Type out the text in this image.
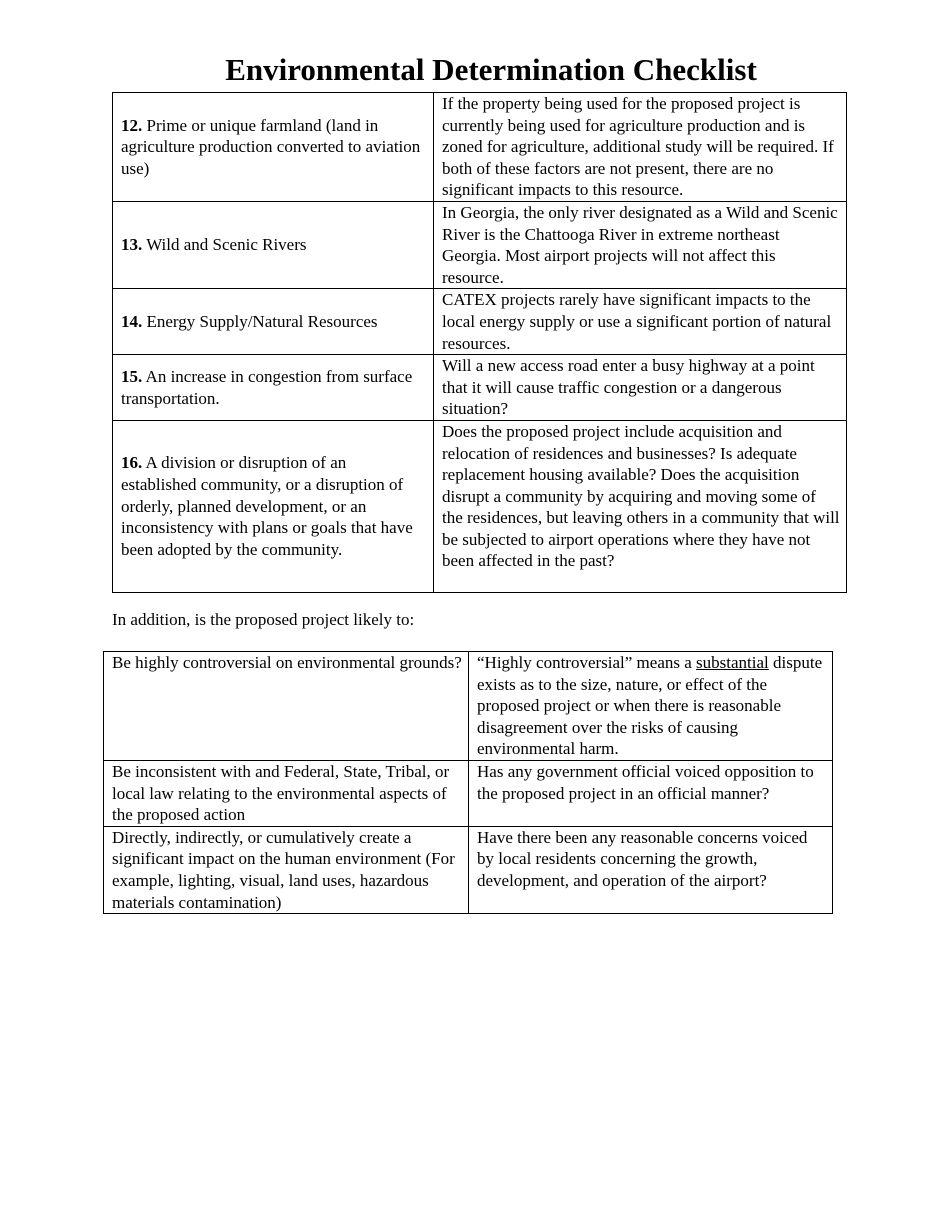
Environmental Determination Checklist
12. Prime or unique farmland (land in agriculture production converted to aviation use)	If the property being used for the proposed project is currently being used for agriculture production and is zoned for agriculture, additional study will be required. If both of these factors are not present, there are no significant impacts to this resource.
13. Wild and Scenic Rivers	In Georgia, the only river designated as a Wild and Scenic River is the Chattooga River in extreme northeast Georgia. Most airport projects will not affect this resource.
14. Energy Supply/Natural Resources	CATEX projects rarely have significant impacts to the local energy supply or use a significant portion of natural resources.
15. An increase in congestion from surface transportation.	Will a new access road enter a busy highway at a point that it will cause traffic congestion or a dangerous situation?
16. A division or disruption of an established community, or a disruption of orderly, planned development, or an inconsistency with plans or goals that have been adopted by the community.	Does the proposed project include acquisition and relocation of residences and businesses? Is adequate replacement housing available? Does the acquisition disrupt a community by acquiring and moving some of the residences, but leaving others in a community that will be subjected to airport operations where they have not been affected in the past?

In addition, is the proposed project likely to:

Be highly controversial on environmental grounds?	“Highly controversial” means a substantial dispute exists as to the size, nature, or effect of the proposed project or when there is reasonable disagreement over the risks of causing environmental harm.
Be inconsistent with and Federal, State, Tribal, or local law relating to the environmental aspects of the proposed action	Has any government official voiced opposition to the proposed project in an official manner?
Directly, indirectly, or cumulatively create a significant impact on the human environment (For example, lighting, visual, land uses, hazardous materials contamination)	Have there been any reasonable concerns voiced by local residents concerning the growth, development, and operation of the airport?
